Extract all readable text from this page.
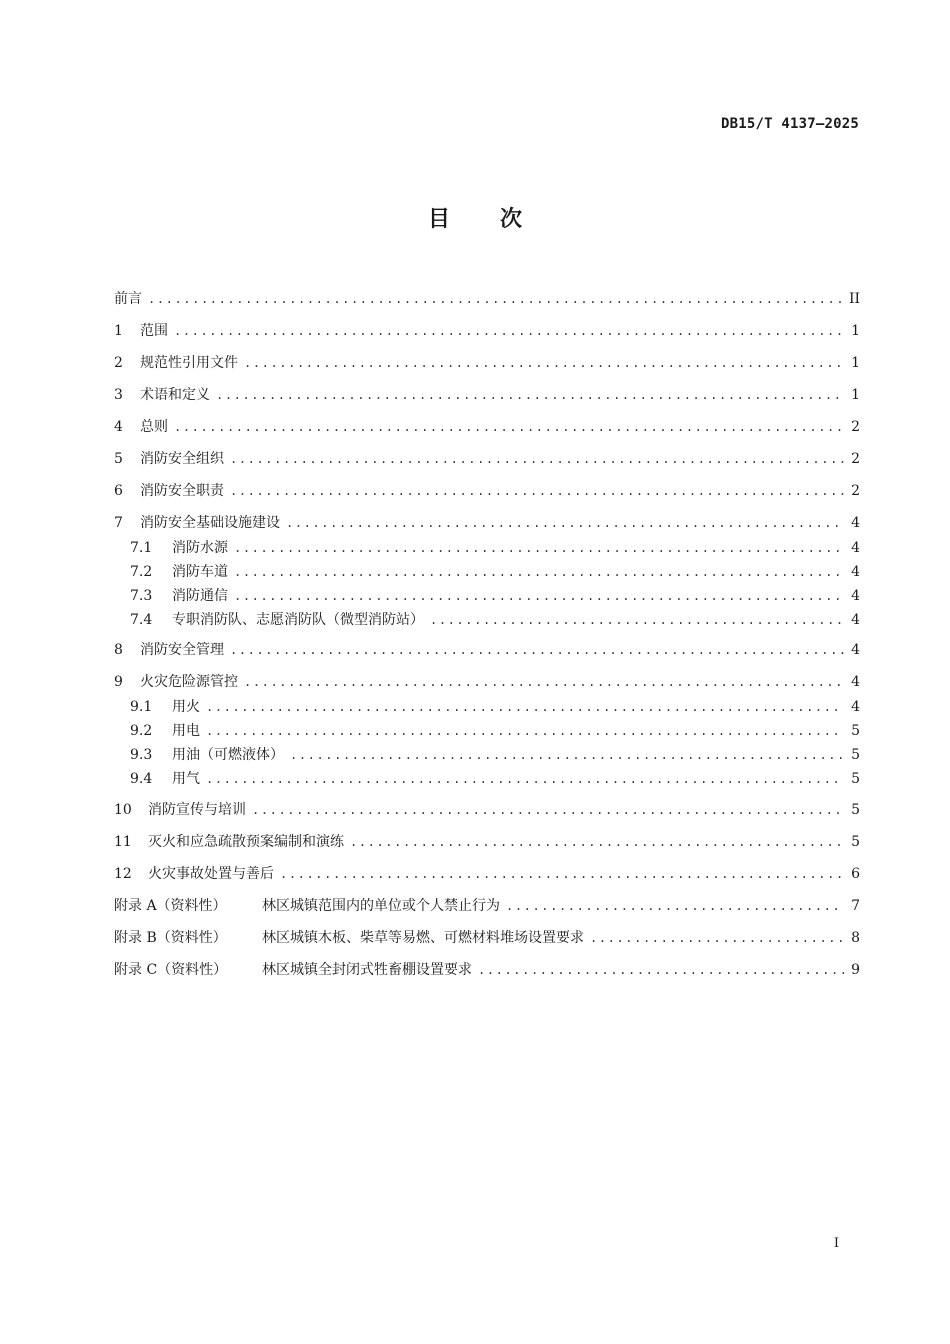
DB15/T 4137—2025
目 次
前言 .....	II
1	范围 .....	1
2	规范性引用文件 .....	1
3	术语和定义 .....	1
4	总则 .....	2
5	消防安全组织 .....	2
6	消防安全职责 .....	2
7	消防安全基础设施建设 .....	4
7.1	消防水源 .....	4
7.2	消防车道 .....	4
7.3	消防通信 .....	4
7.4	专职消防队、志愿消防队（微型消防站） .....	4
8	消防安全管理 .....	4
9	火灾危险源管控 .....	4
9.1	用火 .....	4
9.2	用电 .....	5
9.3	用油（可燃液体） .....	5
9.4	用气 .....	5
10	消防宣传与培训 .....	5
11	灭火和应急疏散预案编制和演练 .....	5
12	火灾事故处置与善后 .....	6
附录 A（资料性）	林区城镇范围内的单位或个人禁止行为 .....	7
附录 B（资料性）	林区城镇木板、柴草等易燃、可燃材料堆场设置要求 .....	8
附录 C（资料性）	林区城镇全封闭式牲畜棚设置要求 .....	9
I
